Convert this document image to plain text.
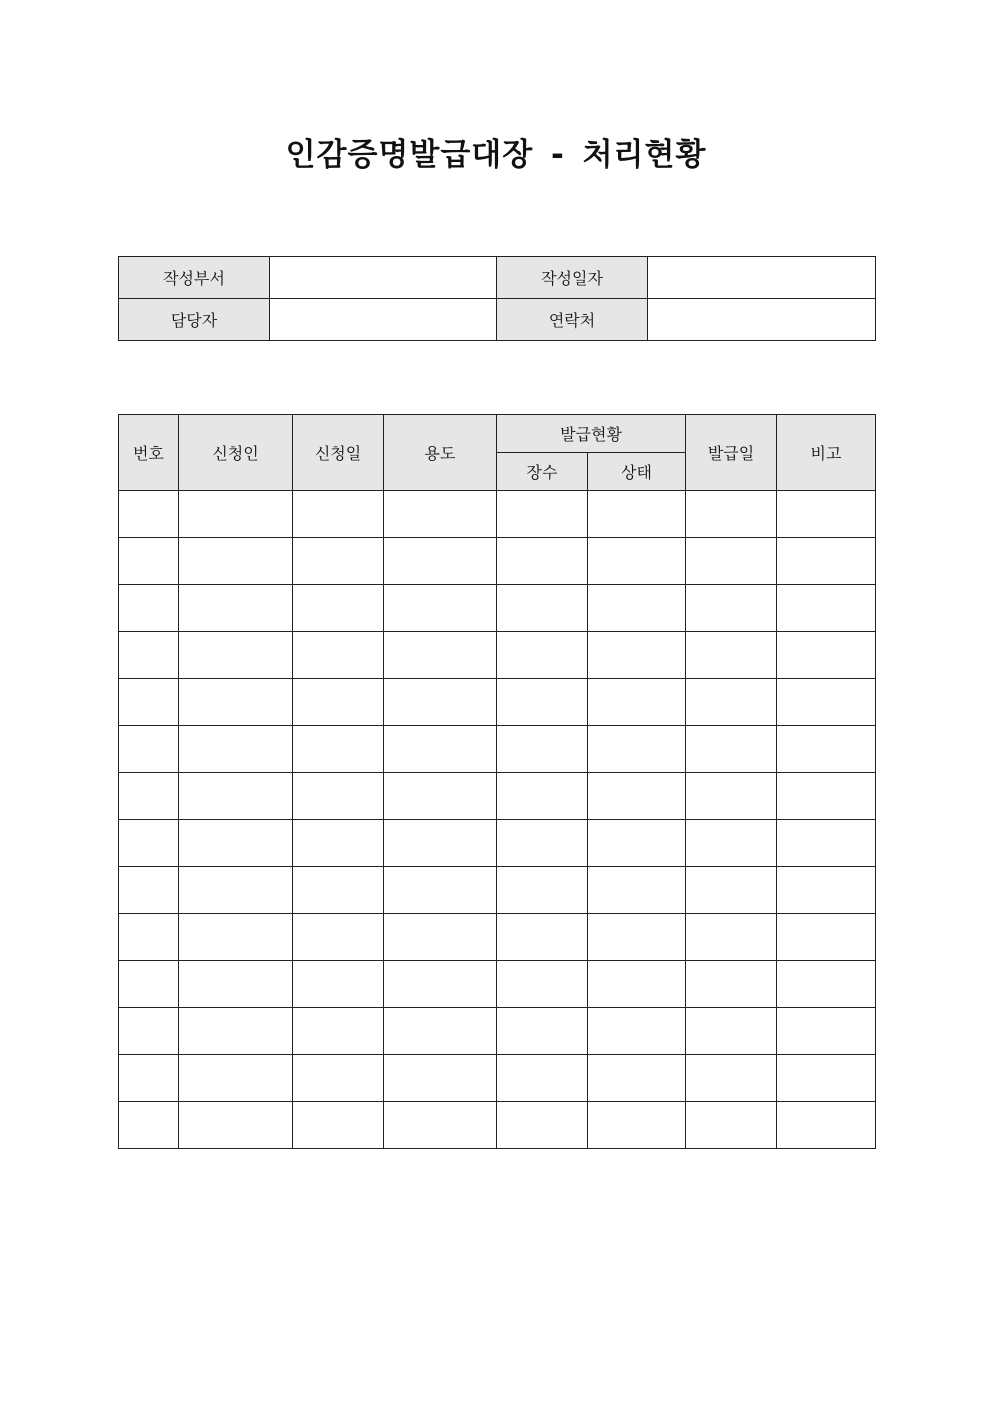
인감증명발급대장 - 처리현황
작성부서		작성일자	
담당자		연락처	
번호	신청인	신청일	용도	발급현황		발급일	비고
				장수	상태		
